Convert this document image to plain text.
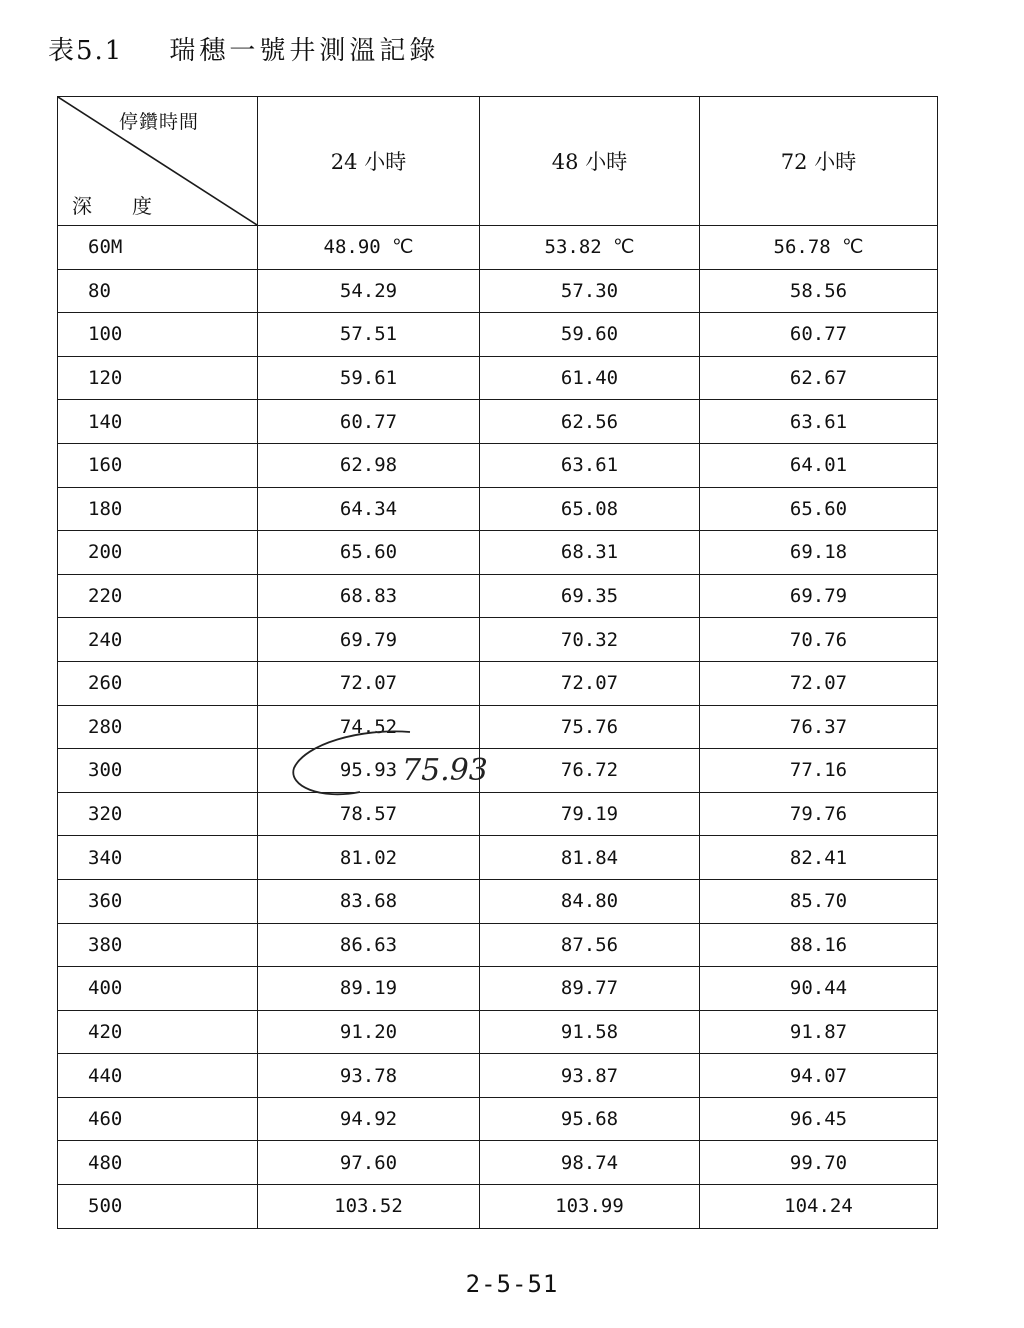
表5.1 瑞穗一號井測溫記錄
停鑽時間
深度	24 小時	48 小時	72 小時
60M	48.90 ℃	53.82 ℃	56.78 ℃
80	54.29	57.30	58.56
100	57.51	59.60	60.77
120	59.61	61.40	62.67
140	60.77	62.56	63.61
160	62.98	63.61	64.01
180	64.34	65.08	65.60
200	65.60	68.31	69.18
220	68.83	69.35	69.79
240	69.79	70.32	70.76
260	72.07	72.07	72.07
280	74.52	75.76	76.37
300	95.93	76.72	77.16
320	78.57	79.19	79.76
340	81.02	81.84	82.41
360	83.68	84.80	85.70
380	86.63	87.56	88.16
400	89.19	89.77	90.44
420	91.20	91.58	91.87
440	93.78	93.87	94.07
460	94.92	95.68	96.45
480	97.60	98.74	99.70
500	103.52	103.99	104.24
75.93
2-5-51
